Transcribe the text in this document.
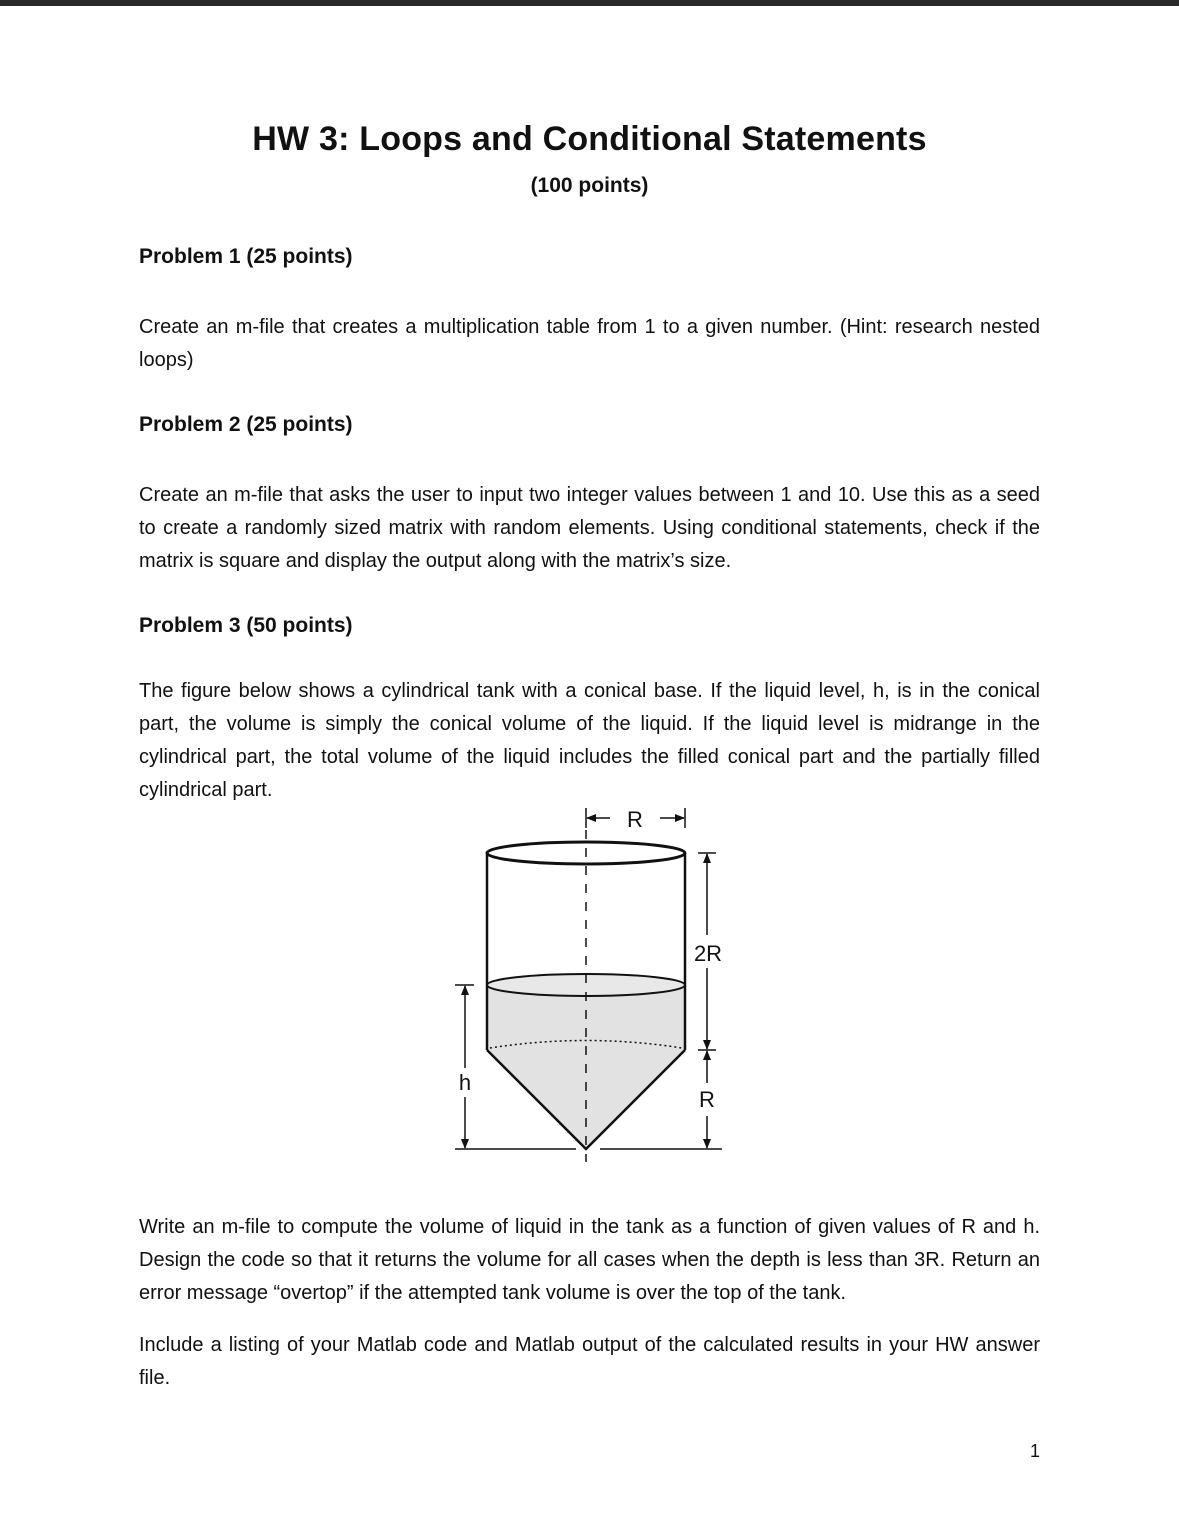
HW 3: Loops and Conditional Statements
(100 points)
Problem 1 (25 points)
Create an m-file that creates a multiplication table from 1 to a given number. (Hint: research nested loops)
Problem 2 (25 points)
Create an m-file that asks the user to input two integer values between 1 and 10. Use this as a seed to create a randomly sized matrix with random elements. Using conditional statements, check if the matrix is square and display the output along with the matrix’s size.
Problem 3 (50 points)
The figure below shows a cylindrical tank with a conical base. If the liquid level, h, is in the conical part, the volume is simply the conical volume of the liquid. If the liquid level is midrange in the cylindrical part, the total volume of the liquid includes the filled conical part and the partially filled cylindrical part.
R
2R
R
h
Write an m-file to compute the volume of liquid in the tank as a function of given values of R and h. Design the code so that it returns the volume for all cases when the depth is less than 3R. Return an error message “overtop” if the attempted tank volume is over the top of the tank.
Include a listing of your Matlab code and Matlab output of the calculated results in your HW answer file.
1
